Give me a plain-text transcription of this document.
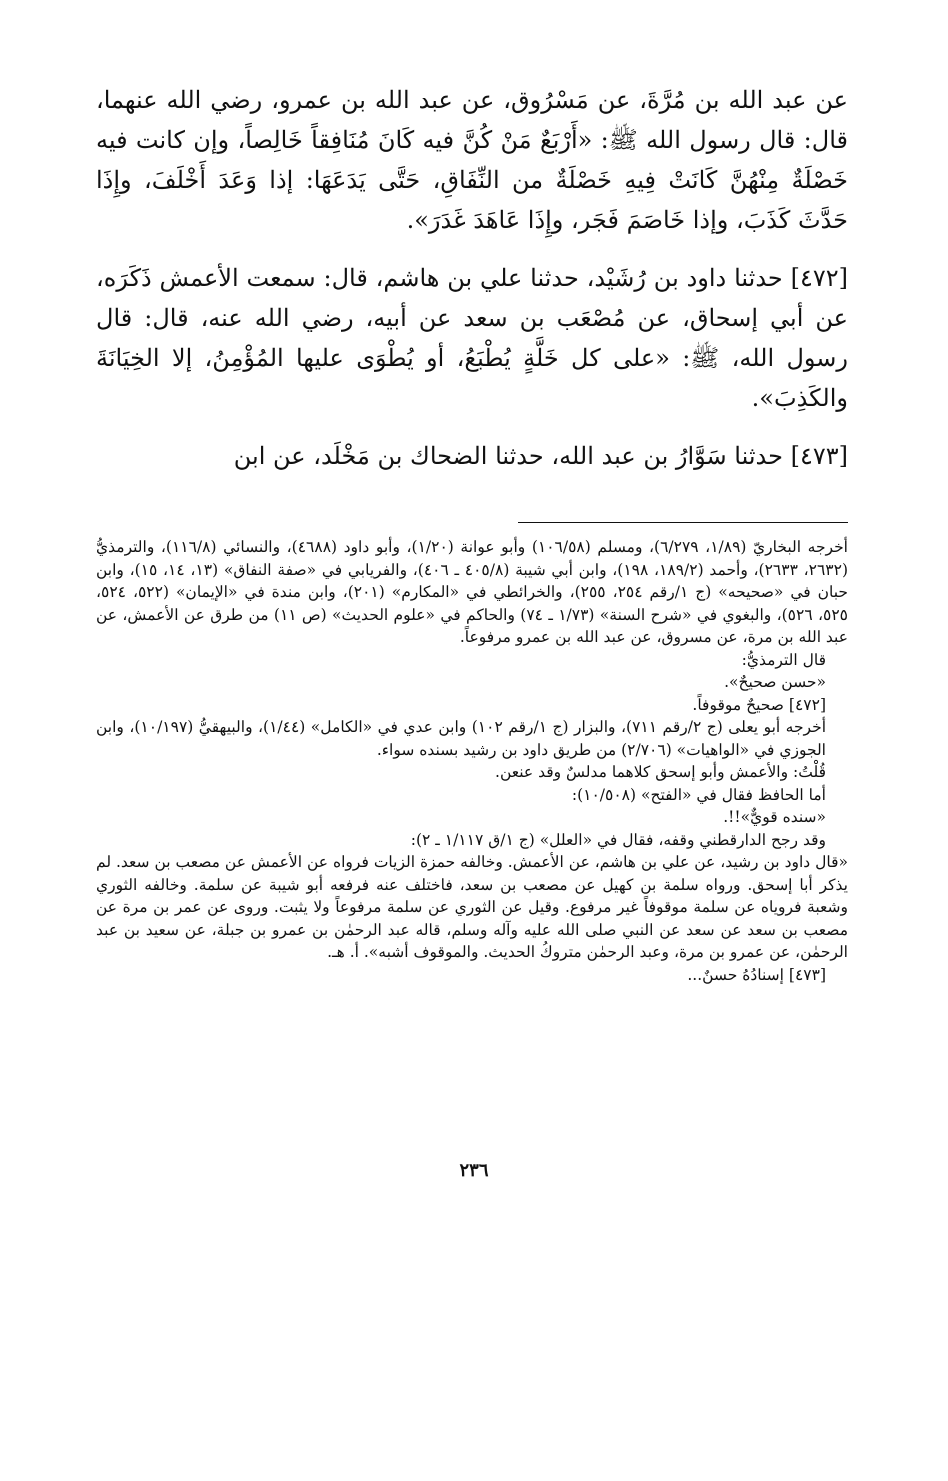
عن عبد الله بن مُرَّةَ، عن مَسْرُوق، عن عبد الله بن عمرو، رضي الله عنهما، قال: قال رسول الله ﷺ: «أَرْبَعٌ مَنْ كُنَّ فيه كَانَ مُنَافِقاً خَالِصاً، وإن كانت فيه خَصْلَةٌ مِنْهُنَّ كَانَتْ فِيهِ خَصْلَةٌ من النِّفَاقِ، حَتَّى يَدَعَهَا: إذا وَعَدَ أَخْلَفَ، وإِذَا حَدَّثَ كَذَبَ، وإذا خَاصَمَ فَجَر، وإِذَا عَاهَدَ غَدَرَ».

[٤٧٢] حدثنا داود بن رُشَيْد، حدثنا علي بن هاشم، قال: سمعت الأعمش ذَكَرَه، عن أبي إسحاق، عن مُصْعَب بن سعد عن أبيه، رضي الله عنه، قال: قال رسول الله، ﷺ: «على كل خَلَّةٍ يُطْبَعُ، أو يُطْوَى عليها المُؤْمِنُ، إلا الخِيَانَةَ والكَذِبَ».

[٤٧٣] حدثنا سَوَّارُ بن عبد الله، حدثنا الضحاك بن مَخْلَد، عن ابن

أخرجه البخاريّ (١/٨٩، ٦/٢٧٩)، ومسلم (١٠٦/٥٨) وأبو عوانة (١/٢٠)، وأبو داود (٤٦٨٨)، والنسائي (١١٦/٨)، والترمذيُّ (٢٦٣٢، ٢٦٣٣)، وأحمد (١٨٩/٢، ١٩٨)، وابن أبي شيبة (٤٠٥/٨ ـ ٤٠٦)، والفريابي في «صفة النفاق» (١٣، ١٤، ١٥)، وابن حبان في «صحيحه» (ج ١/رقم ٢٥٤، ٢٥٥)، والخرائطي في «المكارم» (٢٠١)، وابن مندة في «الإيمان» (٥٢٢، ٥٢٤، ٥٢٥، ٥٢٦)، والبغوي في «شرح السنة» (١/٧٣ ـ ٧٤) والحاكم في «علوم الحديث» (ص ١١) من طرق عن الأعمش، عن عبد الله بن مرة، عن مسروق، عن عبد الله بن عمرو مرفوعاً.

قال الترمذيُّ:

«حسن صحيحٌ».

[٤٧٢] صحيحٌ موقوفاً.

أخرجه أبو يعلى (ج ٢/رقم ٧١١)، والبزار (ج ١/رقم ١٠٢) وابن عدي في «الكامل» (١/٤٤)، والبيهقيُّ (١٠/١٩٧)، وابن الجوزي في «الواهيات» (٢/٧٠٦) من طريق داود بن رشيد بسنده سواء.

قُلْتُ: والأعمش وأبو إسحق كلاهما مدلسٌ وقد عنعن.

أما الحافظ فقال في «الفتح» (١٠/٥٠٨):

«سنده قويٌّ»!!.

وقد رجح الدارقطني وقفه، فقال في «العلل» (ج ١/ق ١/١١٧ ـ ٢):

«قال داود بن رشيد، عن علي بن هاشم، عن الأعمش. وخالفه حمزة الزيات فرواه عن الأعمش عن مصعب بن سعد. لم يذكر أبا إسحق. ورواه سلمة بن كهيل عن مصعب بن سعد، فاختلف عنه فرفعه أبو شيبة عن سلمة. وخالفه الثوري وشعبة فروياه عن سلمة موقوفاً غير مرفوع. وقيل عن الثوري عن سلمة مرفوعاً ولا يثبت. وروى عن عمر بن مرة عن مصعب بن سعد عن سعد عن النبي صلى الله عليه وآله وسلم، قاله عبد الرحمٰن بن عمرو بن جبلة، عن سعيد بن عبد الرحمٰن، عن عمرو بن مرة، وعبد الرحمٰن متروكُ الحديث. والموقوف أشبه». أ. هـ.

[٤٧٣] إسنادُهُ حسنٌ...

٢٣٦
